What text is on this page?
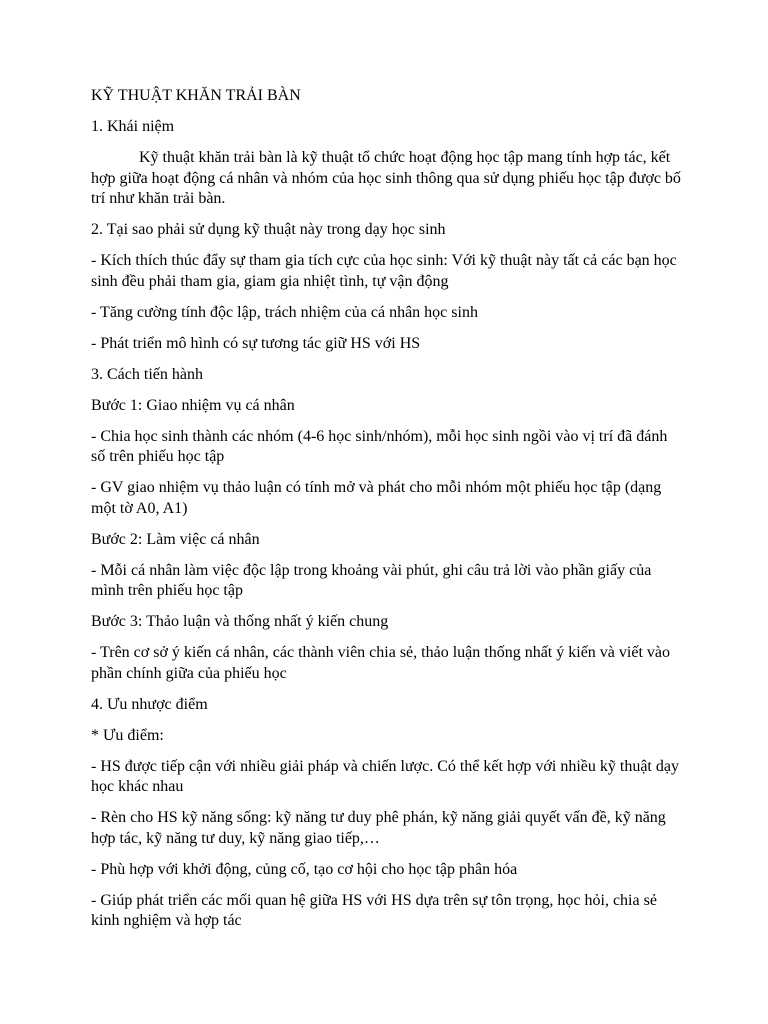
KỸ THUẬT KHĂN TRẢI BÀN

1. Khái niệm

Kỹ thuật khăn trải bàn là kỹ thuật tổ chức hoạt động học tập mang tính hợp tác, kết hợp giữa hoạt động cá nhân và nhóm của học sinh thông qua sử dụng phiếu học tập được bố trí như khăn trải bàn.

2. Tại sao phải sử dụng kỹ thuật này trong dạy học sinh

- Kích thích thúc đẩy sự tham gia tích cực của học sinh: Với kỹ thuật này tất cả các bạn học sinh đều phải tham gia, giam gia nhiệt tình, tự vận động

- Tăng cường tính độc lập, trách nhiệm của cá nhân học sinh

- Phát triển mô hình có sự tương tác giữ HS với HS

3. Cách tiến hành

Bước 1: Giao nhiệm vụ cá nhân

- Chia học sinh thành các nhóm (4-6 học sinh/nhóm), mỗi học sinh ngồi vào vị trí đã đánh số trên phiếu học tập

- GV giao nhiệm vụ thảo luận có tính mở và phát cho mỗi nhóm một phiếu học tập (dạng một tờ A0, A1)

Bước 2: Làm việc cá nhân

- Mỗi cá nhân làm việc độc lập trong khoảng vài phút, ghi câu trả lời vào phần giấy của mình trên phiếu học tập

Bước 3: Thảo luận và thống nhất ý kiến chung

- Trên cơ sở ý kiến cá nhân, các thành viên chia sẻ, thảo luận thống nhất ý kiến và viết vào phần chính giữa của phiếu học

4. Ưu nhược điểm

* Ưu điểm:

- HS được tiếp cận với nhiều giải pháp và chiến lược. Có thể kết hợp với nhiều kỹ thuật dạy học khác nhau

- Rèn cho HS kỹ năng sống: kỹ năng tư duy phê phán, kỹ năng giải quyết vấn đề, kỹ năng hợp tác, kỹ năng tư duy, kỹ năng giao tiếp,…

- Phù hợp với khởi động, củng cố, tạo cơ hội cho học tập phân hóa

- Giúp phát triển các mối quan hệ giữa HS với HS dựa trên sự tôn trọng, học hỏi, chia sẻ kinh nghiệm và hợp tác
